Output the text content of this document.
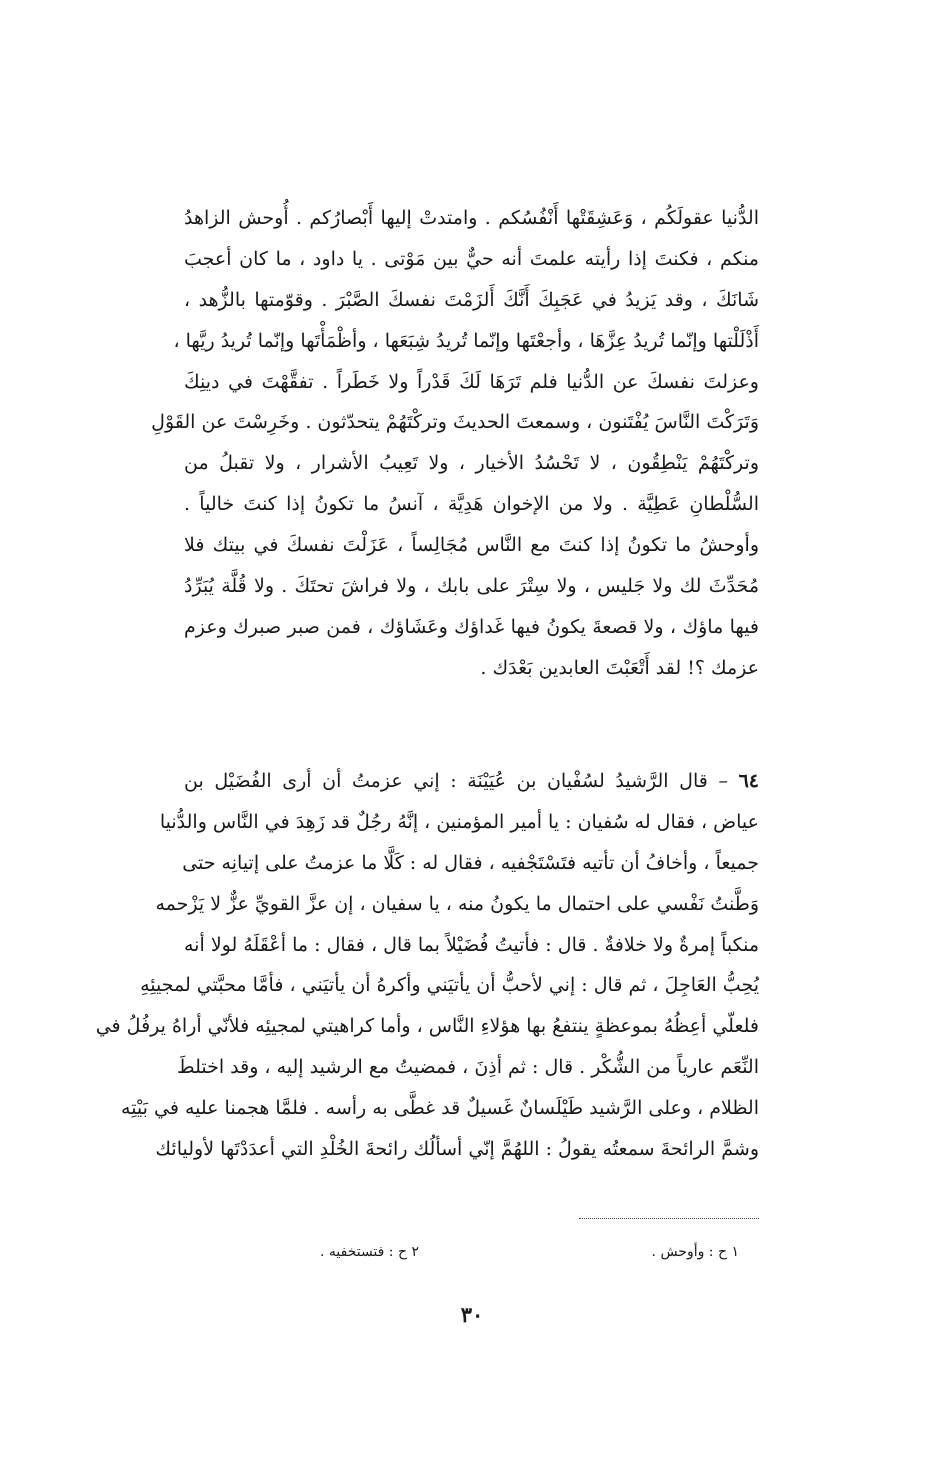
الدُّنيا عقولَكُم ، وَعَشِقَتْها أَنْفُسُكم . وامتدتْ إليها أَبْصارُكم . أُوحش الزاهدُ
منكم ، فكنتَ إذا رأيته علمتَ أنه حيٌّ بين مَوْتى . يا داود ، ما كان أعجبَ
شَانَكَ ، وقد يَزيدُ في عَجَبِكَ أَنَّكَ أَلزَمْتَ نفسكَ الصَّبْرَ . وقوّمتها بالزُّهد ،
أَذْلَلْتها وإنّما تُريدُ عِزَّهَا ، وأجعْتَها وإنّما تُريدُ شِبَعَها ، وأظْمَأْتَها وإنّما تُريدُ ريَّها ،
وعزلتَ نفسكَ عن الدُّنيا فلم تَرَهَا لَكَ قَدْراً ولا خَطَراً . تفقَّهْتَ في دينِكَ
وَتَرَكْتَ النَّاسَ يُفْتَنون ، وسمعتَ الحديثَ وتركْتَهُمْ يتحدّثون . وخَرِسْتَ عن القَوْلِ
وتركْتَهُمْ يَنْطِقُون ، لا تَحْسُدُ الأخيار ، ولا تَعِيبُ الأشرار ، ولا تقبلُ من
السُّلْطانِ عَطِيَّة . ولا من الإخوان هَدِيَّة ، آنسُ ما تكونُ إذا كنتَ خالياً .
وأوحشُ ما تكونُ إذا كنتَ مع النَّاس مُجَالِساً ، عَزَلْتَ نفسكَ في بيتك فلا
مُحَدِّثَ لك ولا جَليس ، ولا سِتْرَ على بابك ، ولا فراشَ تحتَكَ . ولا قُلَّة يُبَرِّدُ
فيها ماؤك ، ولا قصعةَ يكونُ فيها غَداؤك وعَشَاؤك ، فمن صبر صبرك وعزم
عزمك ؟! لقد أَتْعَبْتَ العابدين بَعْدَك .
٦٤ – قال الرَّشيدُ لسُفْيان بن عُيَيْنَة : إني عزمتُ أن أرى الفُضَيْل بن
عياض ، فقال له سُفيان : يا أمير المؤمنين ، إنَّهُ رجُلٌ قد زَهِدَ في النَّاس والدُّنيا
جميعاً ، وأخافُ أن تأتيه فتَسْتَجْفيه ، فقال له : كَلَّا ما عزمتُ على إتيانِه حتى
وَطَّنتُ نَفْسي على احتمال ما يكونُ منه ، يا سفيان ، إن عزَّ القويِّ عزٌّ لا يَزْحمه
منكباً إمرةٌ ولا خلافةٌ . قال : فأتيتُ فُضَيْلاً بما قال ، فقال : ما أعْقَلَهُ لولا أنه
يُحِبُّ العَاجِلَ ، ثم قال : إني لأحبُّ أن يأتيَني وأكرهُ أن يأتيَني ، فأمَّا محبَّتي لمجيئِهِ
فلعلّي أعِظُهُ بموعظةٍ ينتفعُ بها هؤلاءِ النَّاس ، وأما كراهيتي لمجيئِه فلأنّي أراهُ يرفُلُ في
النِّعَم عارياً من الشُّكْر . قال : ثم أذِنَ ، فمضيتُ مع الرشيد إليه ، وقد اختلطَ
الظلام ، وعلى الرَّشيد طَيْلَسانٌ غَسيلٌ قد غطَّى به رأسه . فلمَّا هجمنا عليه في بَيْتِه
وشمَّ الرائحةَ سمعتُه يقولُ : اللهُمَّ إنّي أسألُك رائحةَ الخُلْدِ التي أعدَدْتَها لأوليائك
١ ح : وأوحش .
٢ ح : فتستخفيه .
٣٠
